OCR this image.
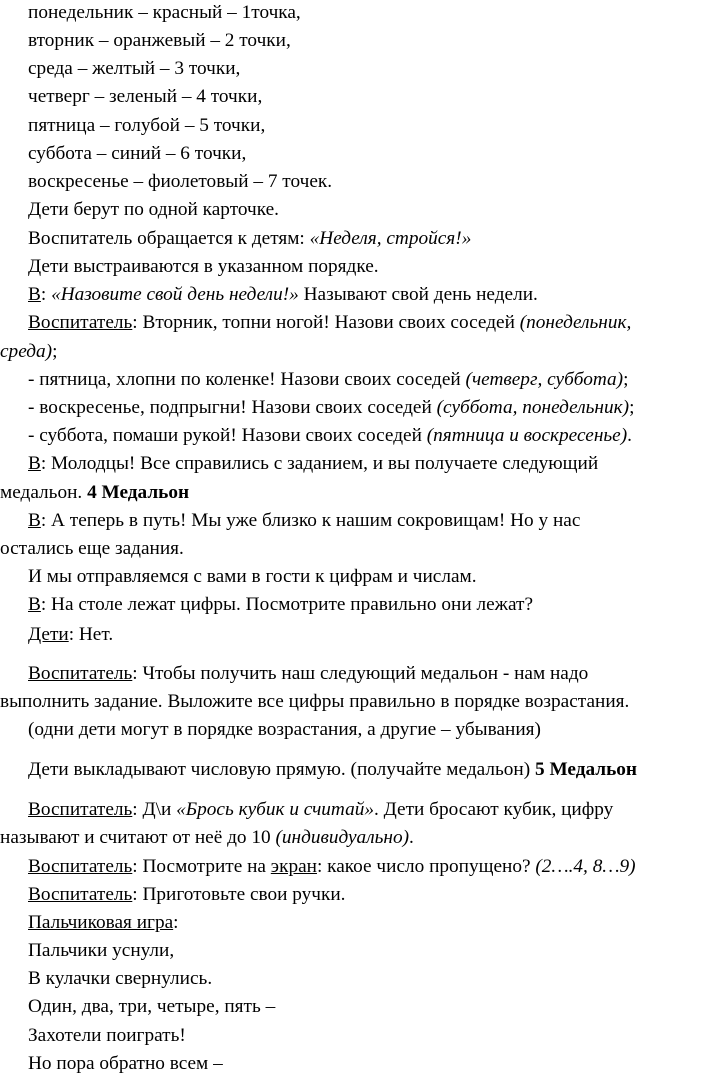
понедельник – красный – 1точка,
вторник – оранжевый – 2 точки,
среда – желтый – 3 точки,
четверг – зеленый – 4 точки,
пятница – голубой – 5 точки,
суббота – синий – 6 точки,
воскресенье – фиолетовый – 7 точек.
Дети берут по одной карточке.
Воспитатель обращается к детям: «Неделя, стройся!»
Дети выстраиваются в указанном порядке.
В: «Назовите свой день недели!» Называют свой день недели.
Воспитатель: Вторник, топни ногой! Назови своих соседей (понедельник,
среда);
- пятница, хлопни по коленке! Назови своих соседей (четверг, суббота);
- воскресенье, подпрыгни! Назови своих соседей (суббота, понедельник);
- суббота, помаши рукой! Назови своих соседей (пятница и воскресенье).
В: Молодцы! Все справились с заданием, и вы получаете следующий
медальон. 4 Медальон
В: А теперь в путь! Мы уже близко к нашим сокровищам! Но у нас
остались еще задания.
И мы отправляемся с вами в гости к цифрам и числам.
В: На столе лежат цифры. Посмотрите правильно они лежат?
Дети: Нет.
Воспитатель: Чтобы получить наш следующий медальон - нам надо
выполнить задание. Выложите все цифры правильно в порядке возрастания.
(одни дети могут в порядке возрастания, а другие – убывания)
Дети выкладывают числовую прямую. (получайте медальон) 5 Медальон
Воспитатель: Д\и «Брось кубик и считай». Дети бросают кубик, цифру
называют и считают от неё до 10 (индивидуально).
Воспитатель: Посмотрите на экран: какое число пропущено? (2….4, 8…9)
Воспитатель: Приготовьте свои ручки.
Пальчиковая игра:
Пальчики уснули,
В кулачки свернулись.
Один, два, три, четыре, пять –
Захотели поиграть!
Но пора обратно всем –
